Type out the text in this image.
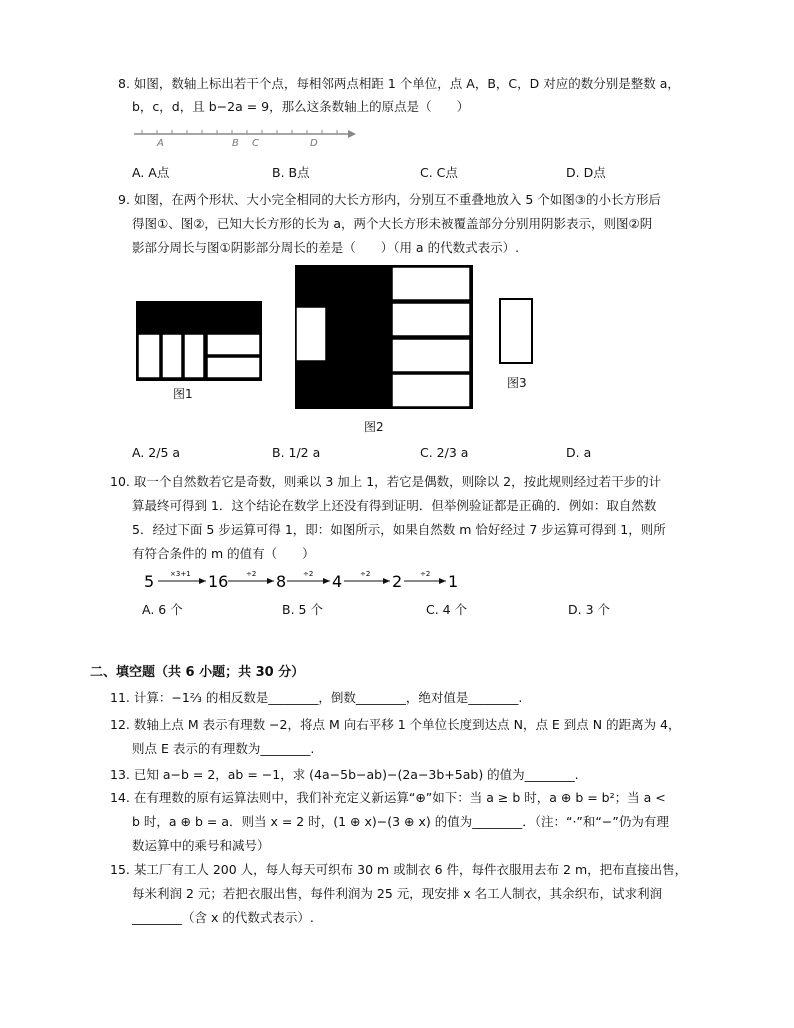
8. 如图，数轴上标出若干个点，每相邻两点相距 1 个单位，点 A，B，C，D 对应的数分别是整数 a，
b，c，d，且 b−2a = 9，那么这条数轴上的原点是（　　）
A	B C	D
A. A点	B. B点	C. C点	D. D点
9. 如图，在两个形状、大小完全相同的大长方形内，分别互不重叠地放入 5 个如图③的小长方形后
得图①、图②，已知大长方形的长为 a，两个大长方形未被覆盖部分分别用阴影表示，则图②阴
影部分周长与图①阴影部分周长的差是（　　）（用 a 的代数式表示）.
图1
图2
图3
A. 2/5 a	B. 1/2 a	C. 2/3 a	D. a
10. 取一个自然数若它是奇数，则乘以 3 加上 1，若它是偶数，则除以 2，按此规则经过若干步的计
算最终可得到 1．这个结论在数学上还没有得到证明．但举例验证都是正确的．例如：取自然数
5．经过下面 5 步运算可得 1，即：如图所示，如果自然数 m 恰好经过 7 步运算可得到 1，则所
有符合条件的 m 的值有（　　）
5 ×3+1 16	÷2 8 ÷2 4	÷2 2	÷2 1
A. 6 个	B. 5 个	C. 4 个	D. 3 个
二、填空题（共 6 小题；共 30 分）
11. 计算：−1⅔ 的相反数是________，倒数________，绝对值是________.
12. 数轴上点 M 表示有理数 −2，将点 M 向右平移 1 个单位长度到达点 N，点 E 到点 N 的距离为 4，
则点 E 表示的有理数为________.
13. 已知 a−b = 2，ab = −1，求 (4a−5b−ab)−(2a−3b+5ab) 的值为________.
14. 在有理数的原有运算法则中，我们补充定义新运算“⊕”如下：当 a ≥ b 时，a ⊕ b = b²；当 a <
b 时，a ⊕ b = a．则当 x = 2 时，(1 ⊕ x)−(3 ⊕ x) 的值为________．（注：“·”和“−”仍为有理
数运算中的乘号和减号）
15. 某工厂有工人 200 人，每人每天可织布 30 m 或制衣 6 件，每件衣服用去布 2 m，把布直接出售，
每米利润 2 元；若把衣服出售，每件利润为 25 元，现安排 x 名工人制衣，其余织布，试求利润
________（含 x 的代数式表示）.
